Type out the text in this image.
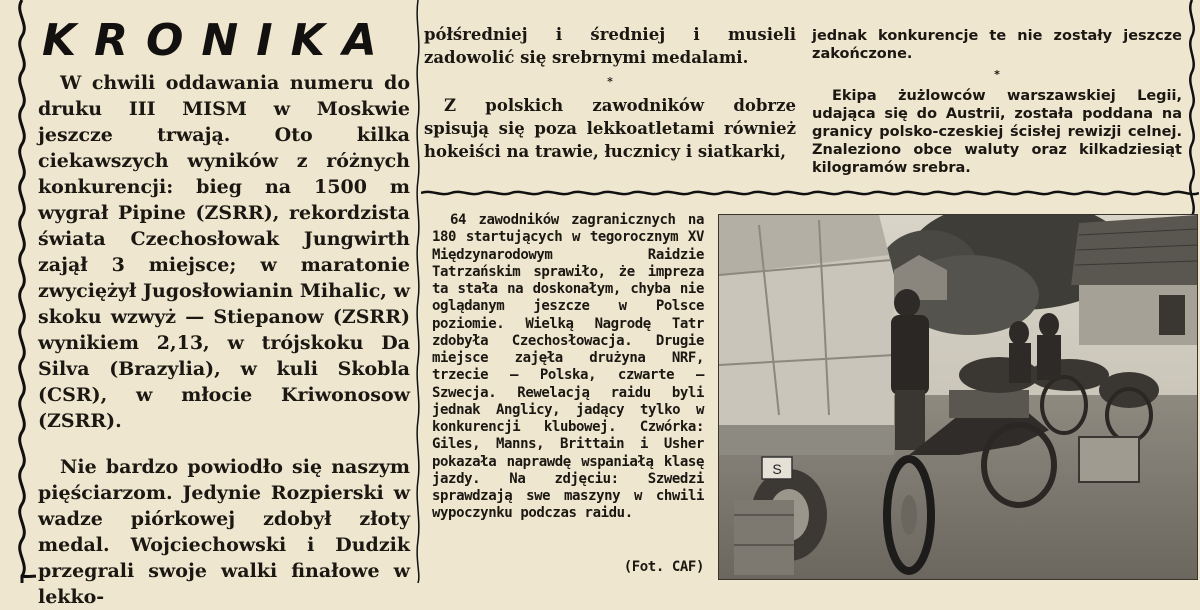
KRONIKA

W chwili oddawania numeru do druku III MISM w Moskwie jeszcze trwają. Oto kilka ciekawszych wyników z różnych konkurencji: bieg na 1500 m wygrał Pipine (ZSRR), rekordzista świata Czechosłowak Jungwirth zajął 3 miejsce; w maratonie zwyciężył Jugosłowianin Mihalic, w skoku wzwyż — Stiepanow (ZSRR) wynikiem 2,13, w trójskoku Da Silva (Brazylia), w kuli Skobla (CSR), w młocie Kriwonosow (ZSRR).

Nie bardzo powiodło się naszym pięściarzom. Jedynie Rozpierski w wadze piórkowej zdobył złoty medal. Wojciechowski i Dudzik przegrali swoje walki finałowe w lekko-

półśredniej i średniej i musieli zadowolić się srebrnymi medalami.

*

Z polskich zawodników dobrze spisują się poza lekkoatletami również hokeiści na trawie, łucznicy i siatkarki,

jednak konkurencje te nie zostały jeszcze zakończone.

*

Ekipa żużlowców warszawskiej Legii, udająca się do Austrii, została poddana na granicy polsko-czeskiej ścisłej rewizji celnej. Znaleziono obce waluty oraz kilkadziesiąt kilogramów srebra.

64 zawodników zagranicznych na 180 startujących w tegorocznym XV Międzynarodowym Raidzie Tatrzańskim sprawiło, że impreza ta stała na doskonałym, chyba nie oglądanym jeszcze w Polsce poziomie. Wielką Nagrodę Tatr zdobyła Czechosłowacja. Drugie miejsce zajęła drużyna NRF, trzecie — Polska, czwarte — Szwecja. Rewelacją raidu byli jednak Anglicy, jadący tylko w konkurencji klubowej. Czwórka: Giles, Manns, Brittain i Usher pokazała naprawdę wspaniałą klasę jazdy. Na zdjęciu: Szwedzi sprawdzają swe maszyny w chwili wypoczynku podczas raidu.

(Fot. CAF)
S
